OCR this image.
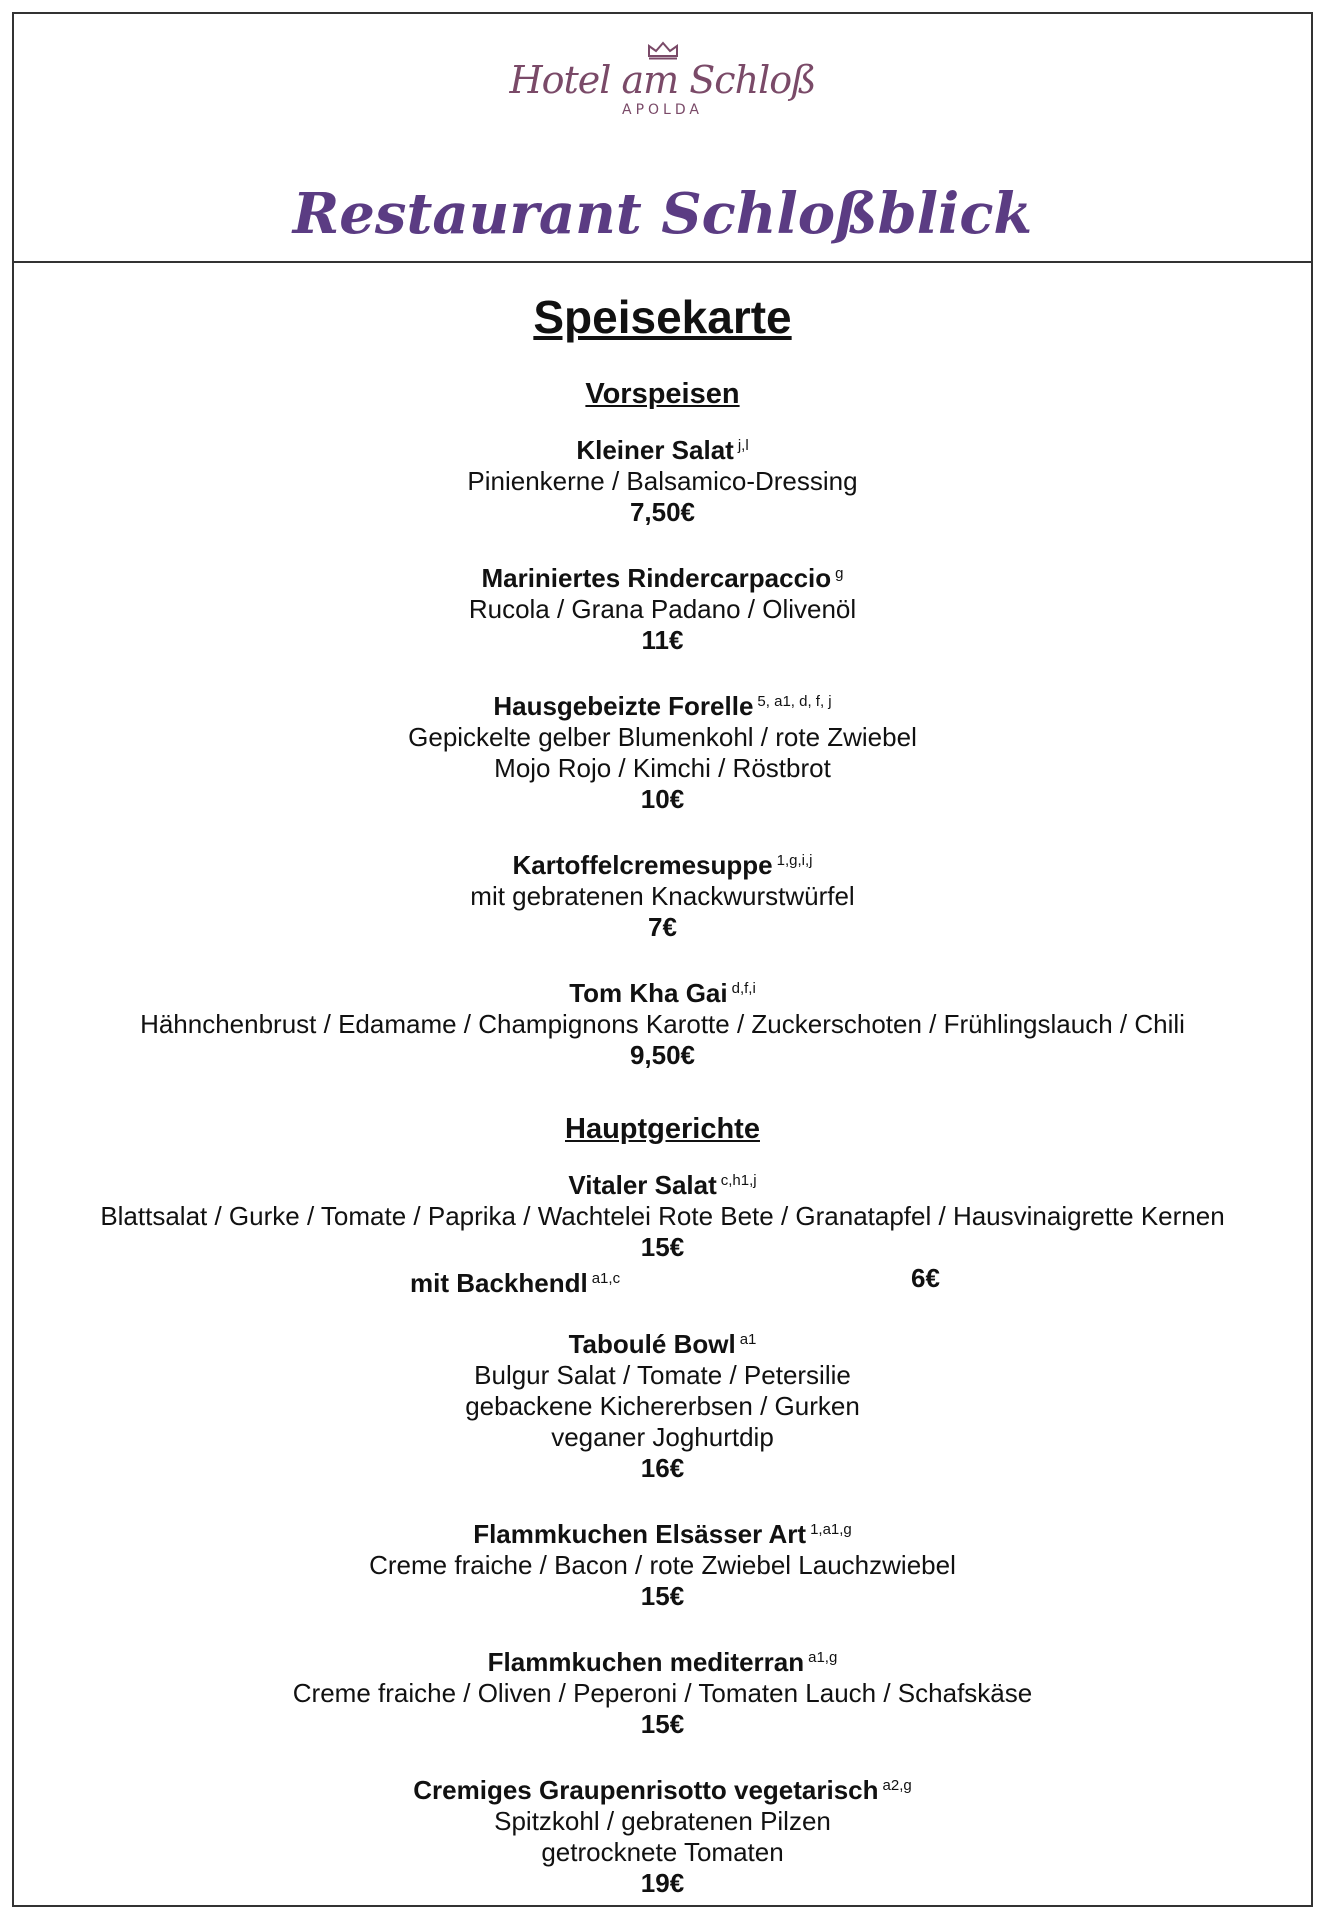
Hotel am Schloß
APOLDA
Restaurant Schloßblick
Speisekarte
Vorspeisen
Kleiner Salat $^{j,l}$
Pinienkerne / Balsamico-Dressing
7,50€
Mariniertes Rindercarpaccio $^g$
Rucola / Grana Padano / Olivenöl
11€
Hausgebeizte Forelle $^{5, a1, d, f, j}$
Gepickelte gelber Blumenkohl / rote Zwiebel
Mojo Rojo / Kimchi / Röstbrot
10€
Kartoffelcremesuppe $^{1,g,i,j}$
mit gebratenen Knackwurstwürfel
7€
Tom Kha Gai $^{d,f,i}$
Hähnchenbrust / Edamame / Champignons Karotte / Zuckerschoten / Frühlingslauch / Chili
9,50€
Hauptgerichte
Vitaler Salat $^{c,h1,j}$
Blattsalat / Gurke / Tomate / Paprika / Wachtelei Rote Bete / Granatapfel / Hausvinaigrette Kernen
15€
mit Backhendl $^{a1,c}$	6€
Taboulé Bowl $^{a1}$
Bulgur Salat / Tomate / Petersilie
gebackene Kichererbsen / Gurken
veganer Joghurtdip
16€
Flammkuchen Elsässer Art $^{1,a1,g}$
Creme fraiche / Bacon / rote Zwiebel Lauchzwiebel
15€
Flammkuchen mediterran $^{a1,g}$
Creme fraiche / Oliven / Peperoni / Tomaten Lauch / Schafskäse
15€
Cremiges Graupenrisotto vegetarisch $^{a2,g}$
Spitzkohl / gebratenen Pilzen
getrocknete Tomaten
19€
